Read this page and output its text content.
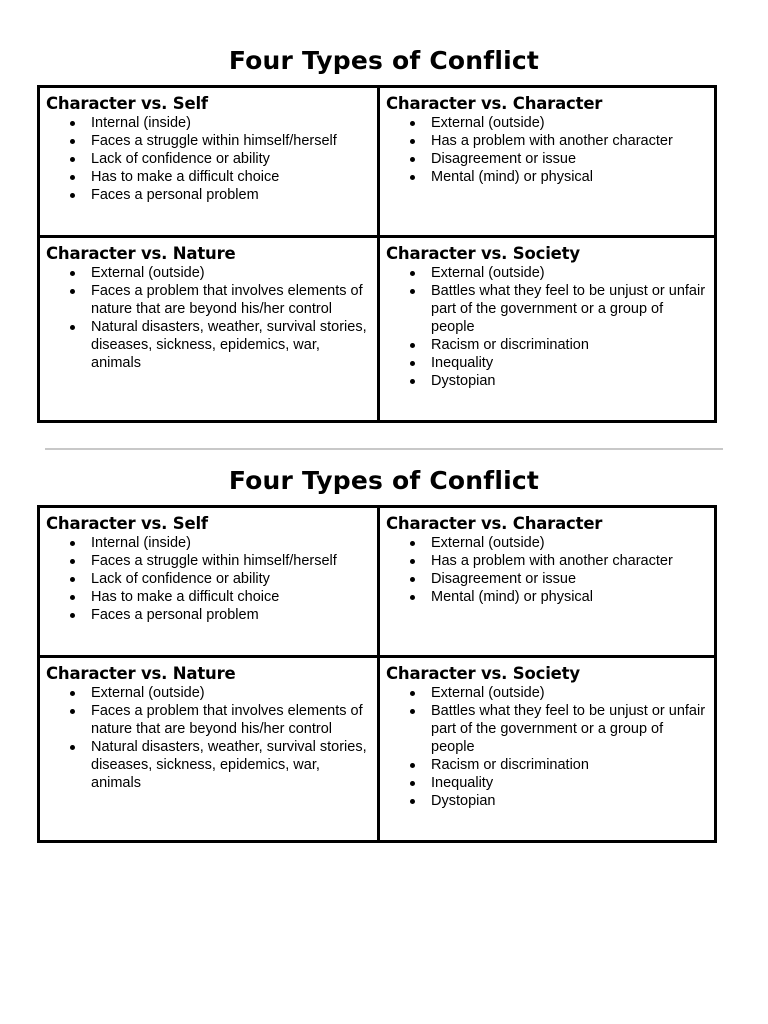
Four Types of Conflict
Character vs. Self
Internal (inside)
Faces a struggle within himself/herself
Lack of confidence or ability
Has to make a difficult choice
Faces a personal problem
Character vs. Character
External (outside)
Has a problem with another character
Disagreement or issue
Mental (mind) or physical
Character vs. Nature
External (outside)
Faces a problem that involves elements of nature that are beyond his/her control
Natural disasters, weather, survival stories, diseases, sickness, epidemics, war, animals
Character vs. Society
External (outside)
Battles what they feel to be unjust or unfair part of the government or a group of people
Racism or discrimination
Inequality
Dystopian
Four Types of Conflict
Character vs. Self
Internal (inside)
Faces a struggle within himself/herself
Lack of confidence or ability
Has to make a difficult choice
Faces a personal problem
Character vs. Character
External (outside)
Has a problem with another character
Disagreement or issue
Mental (mind) or physical
Character vs. Nature
External (outside)
Faces a problem that involves elements of nature that are beyond his/her control
Natural disasters, weather, survival stories, diseases, sickness, epidemics, war, animals
Character vs. Society
External (outside)
Battles what they feel to be unjust or unfair part of the government or a group of people
Racism or discrimination
Inequality
Dystopian
